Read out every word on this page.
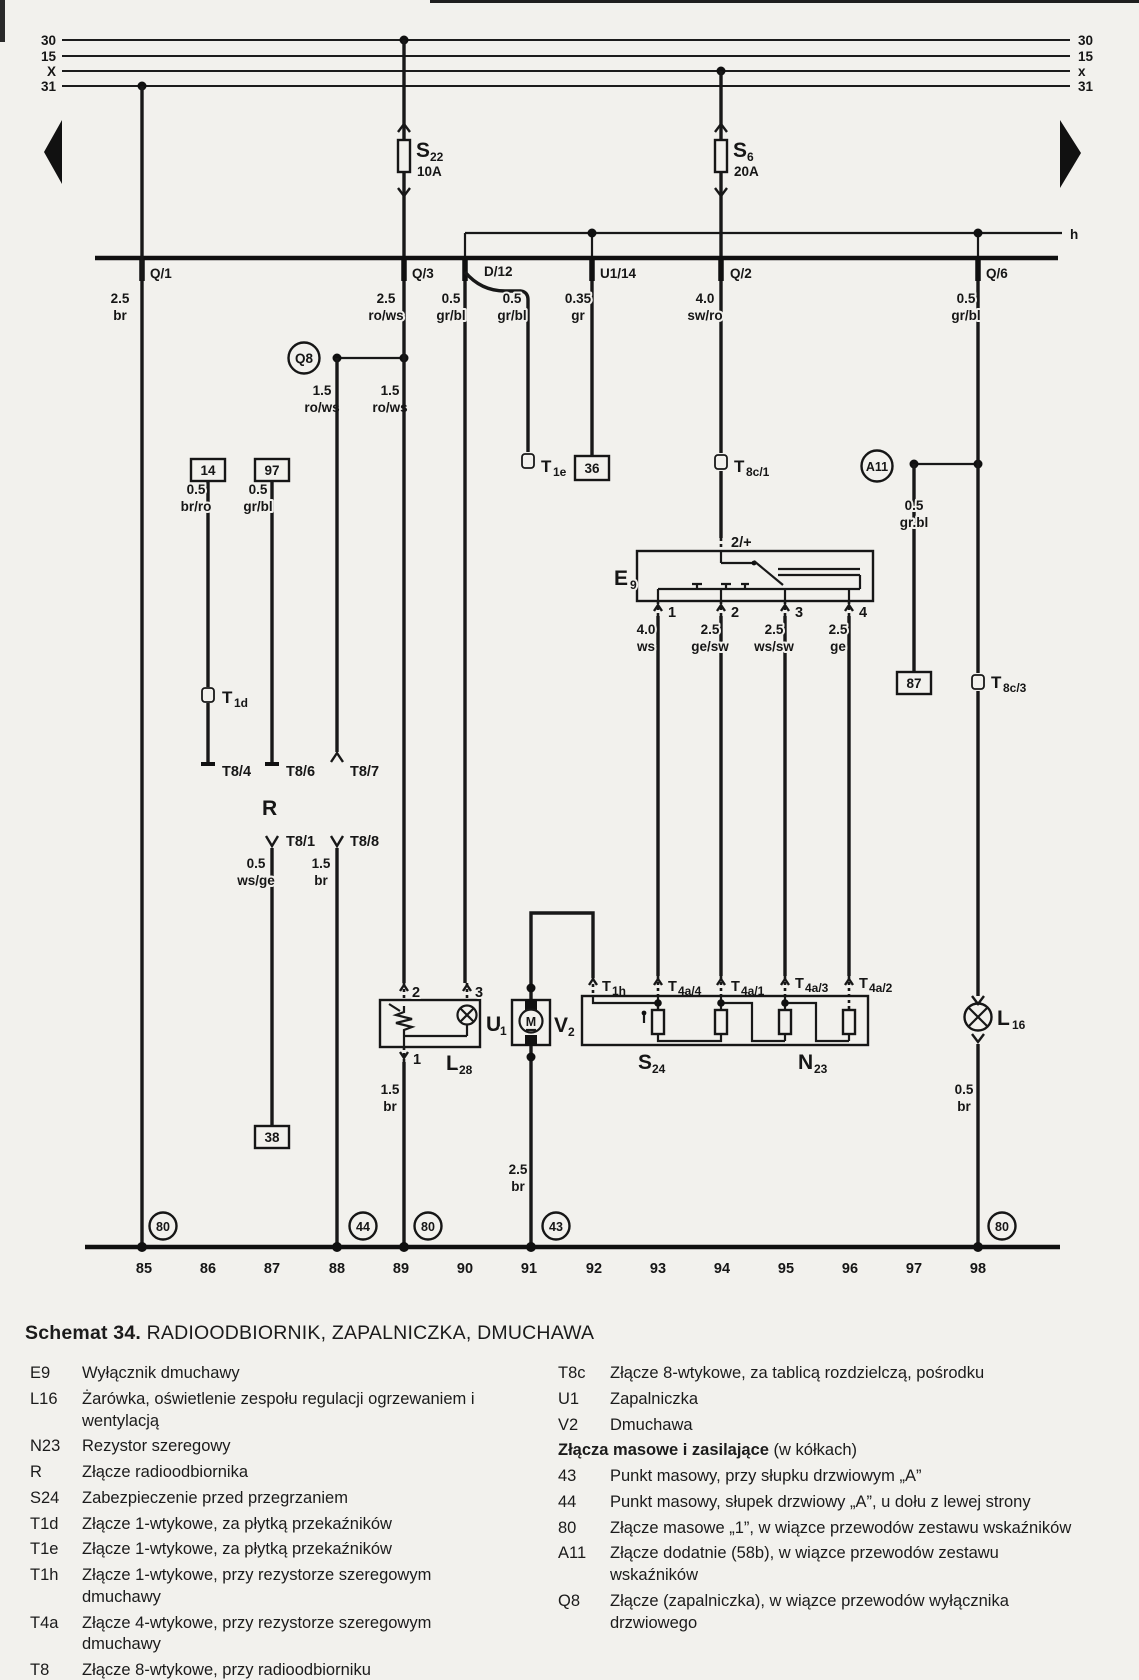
30
15
X
31
30
15
x
31
h
S 22
10A
S 6
20A
Q/1	Q/3	D/12	U1/14	Q/2	Q/6
2.5
br
Q8
1.5
ro/ws
1.5
ro/ws
14
0.5
br/ro
T 1d
T8/4
97
0.5
gr/bl
T8/6
R
T8/1
0.5
ws/ge
38
T8/7
T8/8
1.5
br
2.5
ro/ws
0.5
gr/bl
0.5
gr/bl
T 1e
0.35
gr
36
4.0
sw/ro
T 8c/1
2/+
E 9
1	2	3	4
4.0
ws
2.5
ge/sw
2.5
ws/sw
2.5
ge
T 1h	T 4a/4 T 4a/1 T 4a/3 T 4a/2
A11
0.5
gr.bl
87
0.5
gr/bl
T 8c/3
L 16
0.5
br
2	3
1
U
1
L 28
1.5
br
M V 2
2.5
br
S 24	N 23
80	44	80	43	80
85	86	87	88	89	90	91	92	93	94	95	96	97	98
Schemat 34. RADIOODBIORNIK, ZAPALNICZKA, DMUCHAWA
E9	Wyłącznik dmuchawy
L16	Żarówka, oświetlenie zespołu regulacji ogrzewaniem i wentylacją
N23	Rezystor szeregowy
R	Złącze radioodbiornika
S24	Zabezpieczenie przed przegrzaniem
T1d	Złącze 1-wtykowe, za płytką przekaźników
T1e	Złącze 1-wtykowe, za płytką przekaźników
T1h	Złącze 1-wtykowe, przy rezystorze szeregowym dmuchawy
T4a	Złącze 4-wtykowe, przy rezystorze szeregowym dmuchawy
T8	Złącze 8-wtykowe, przy radioodbiorniku
T8c	Złącze 8-wtykowe, za tablicą rozdzielczą, pośrodku
U1	Zapalniczka
V2	Dmuchawa
Złącza masowe i zasilające (w kółkach)
43	Punkt masowy, przy słupku drzwiowym „A”
44	Punkt masowy, słupek drzwiowy „A”, u dołu z lewej strony
80	Złącze masowe „1”, w wiązce przewodów zestawu wskaźników
A11	Złącze dodatnie (58b), w wiązce przewodów zestawu wskaźników
Q8	Złącze (zapalniczka), w wiązce przewodów wyłącznika drzwiowego
